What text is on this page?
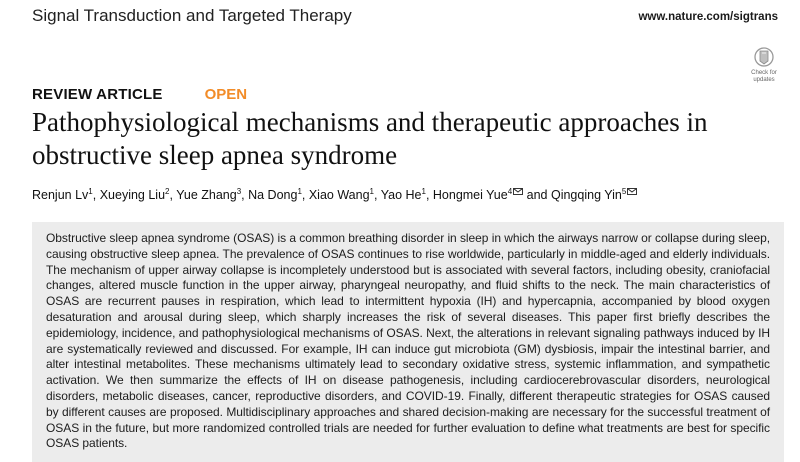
Signal Transduction and Targeted Therapy	www.nature.com/sigtrans
Check for
updates
REVIEW ARTICLE	OPEN
Pathophysiological mechanisms and therapeutic approaches in obstructive sleep apnea syndrome
Renjun Lv$^1$, Xueying Liu$^2$, Yue Zhang$^3$, Na Dong$^1$, Xiao Wang$^1$, Yao He$^1$, Hongmei Yue$^4$ and Qingqing Yin$^5$

Obstructive sleep apnea syndrome (OSAS) is a common breathing disorder in sleep in which the airways narrow or collapse during sleep, causing obstructive sleep apnea. The prevalence of OSAS continues to rise worldwide, particularly in middle-aged and elderly individuals. The mechanism of upper airway collapse is incompletely understood but is associated with several factors, including obesity, craniofacial changes, altered muscle function in the upper airway, pharyngeal neuropathy, and fluid shifts to the neck. The main characteristics of OSAS are recurrent pauses in respiration, which lead to intermittent hypoxia (IH) and hypercapnia, accompanied by blood oxygen desaturation and arousal during sleep, which sharply increases the risk of several diseases. This paper first briefly describes the epidemiology, incidence, and pathophysiological mechanisms of OSAS. Next, the alterations in relevant signaling pathways induced by IH are systematically reviewed and discussed. For example, IH can induce gut microbiota (GM) dysbiosis, impair the intestinal barrier, and alter intestinal metabolites. These mechanisms ultimately lead to secondary oxidative stress, systemic inflammation, and sympathetic activation. We then summarize the effects of IH on disease pathogenesis, including cardiocerebrovascular disorders, neurological disorders, metabolic diseases, cancer, reproductive disorders, and COVID-19. Finally, different therapeutic strategies for OSAS caused by different causes are proposed. Multidisciplinary approaches and shared decision-making are necessary for the successful treatment of OSAS in the future, but more randomized controlled trials are needed for further evaluation to define what treatments are best for specific OSAS patients.
